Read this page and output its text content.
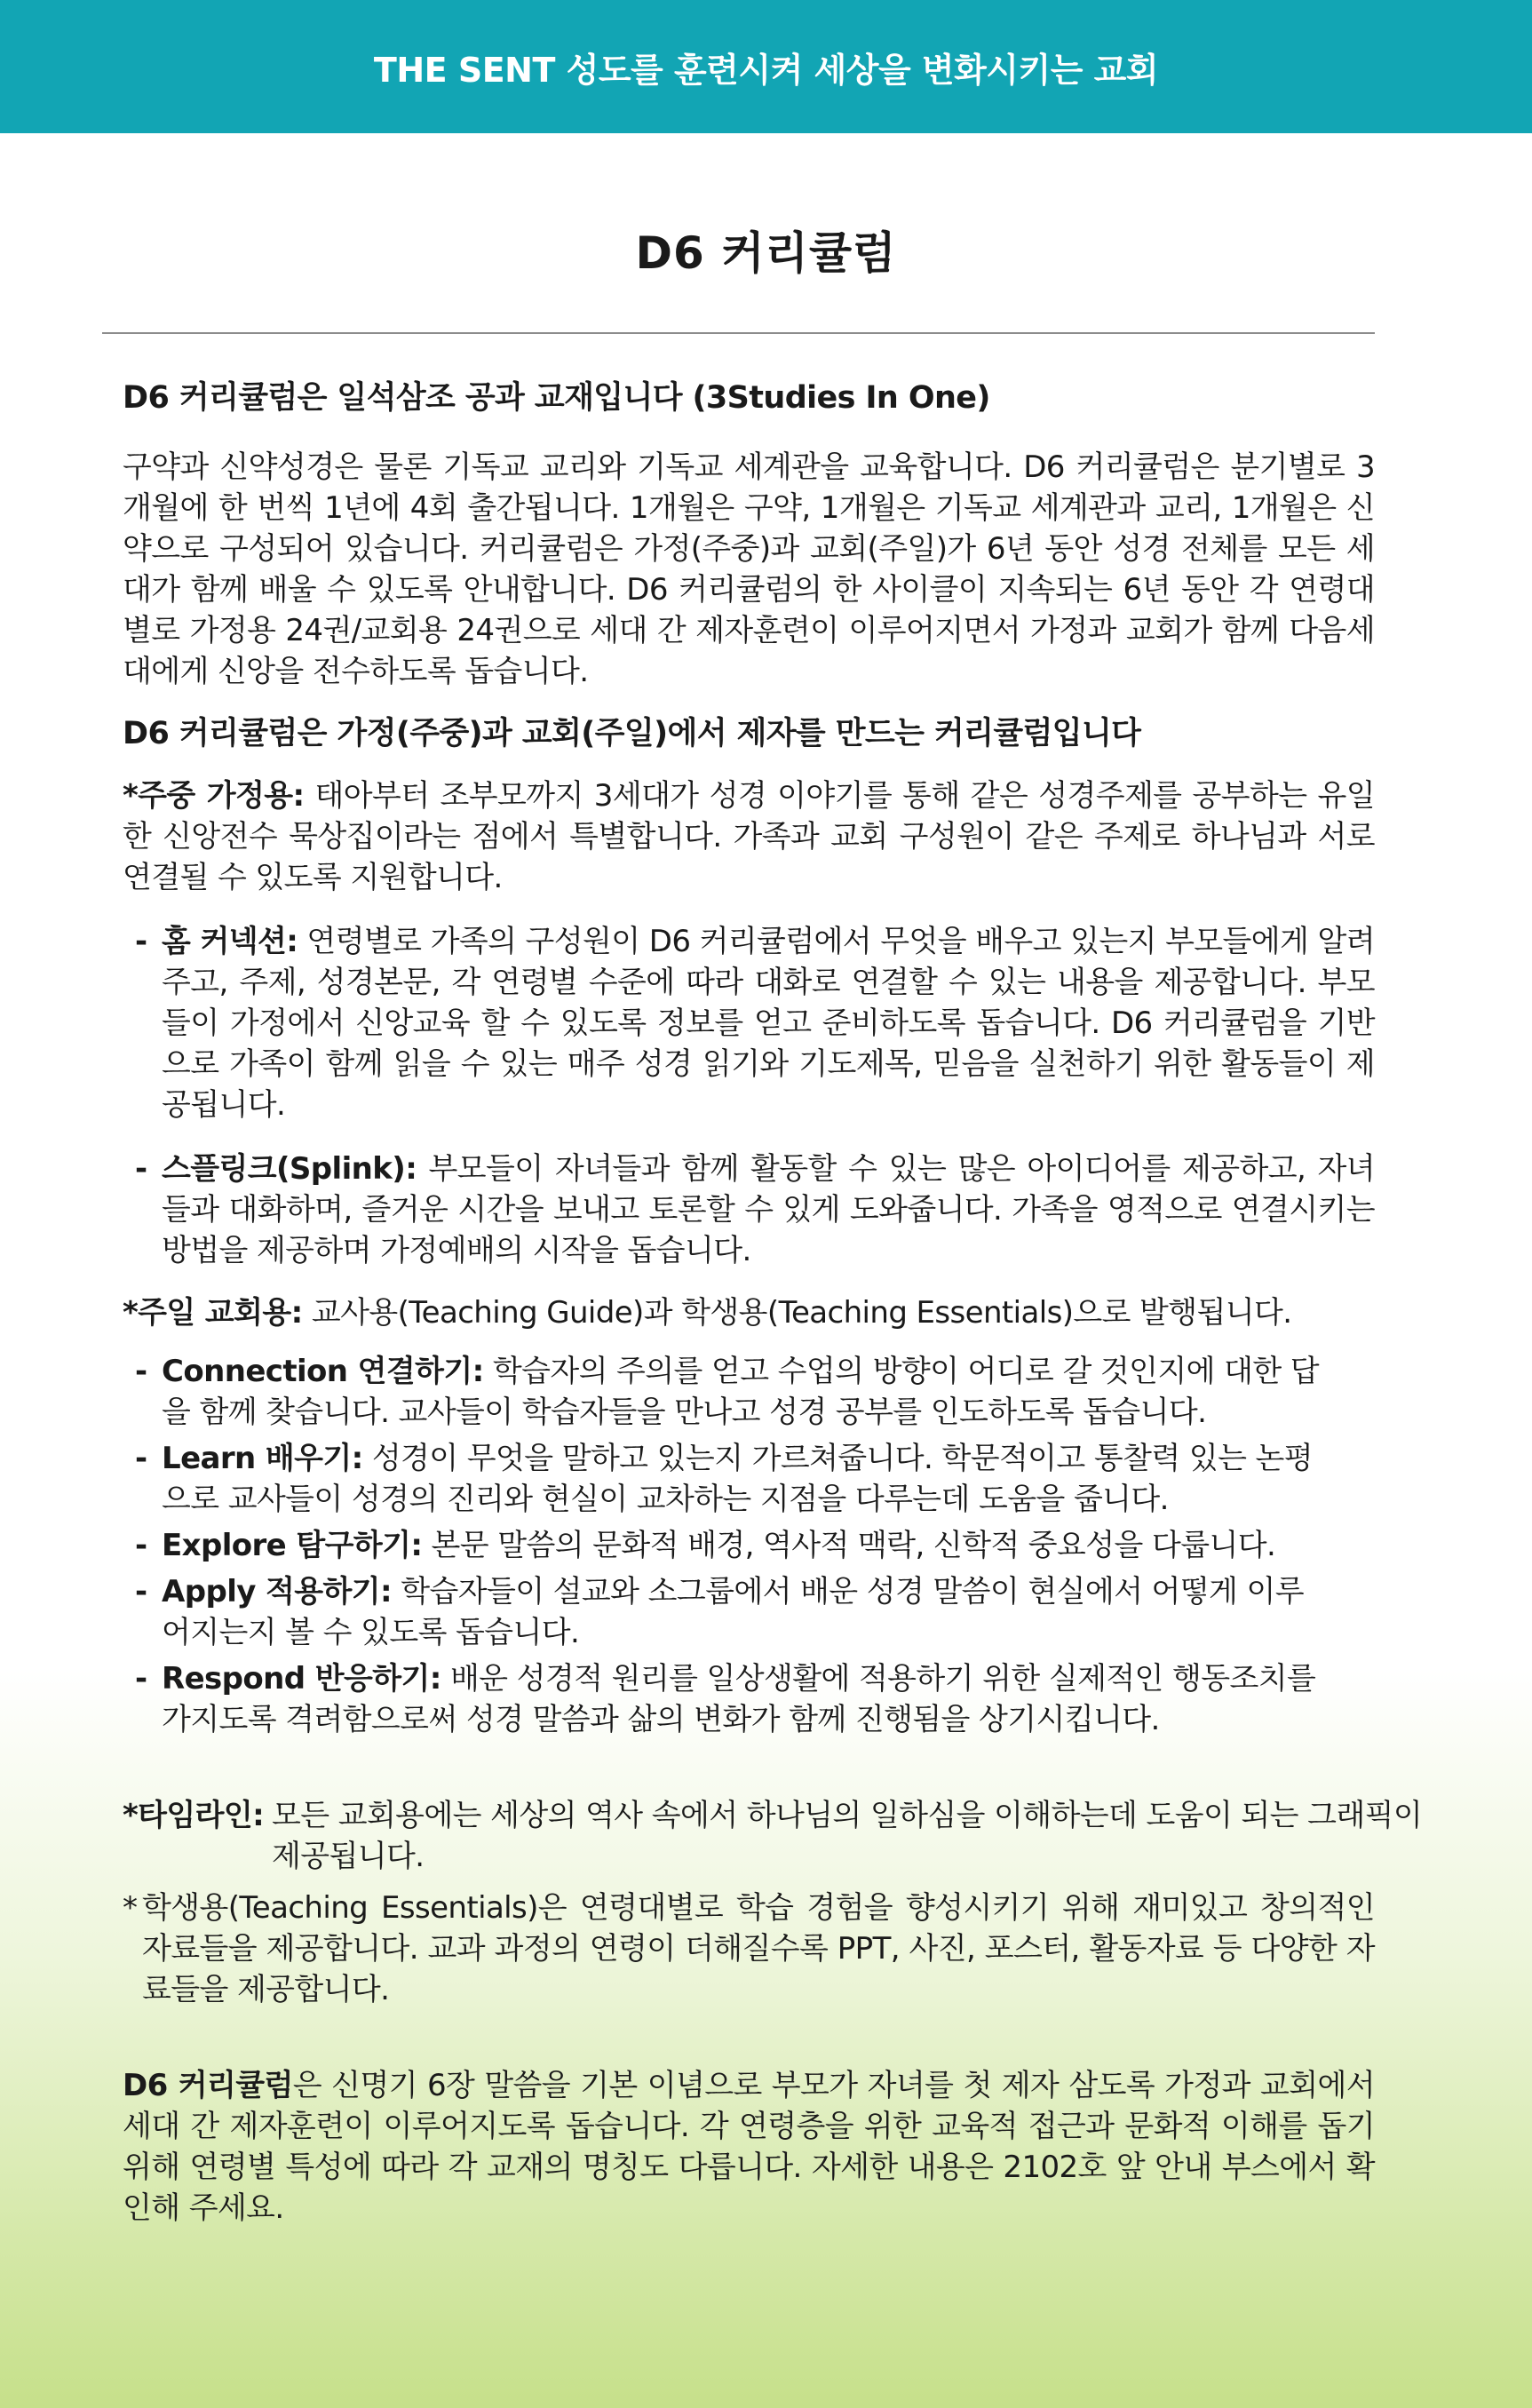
THE SENT 성도를 훈련시켜 세상을 변화시키는 교회
D6 커리큘럼

D6 커리큘럼은 일석삼조 공과 교재입니다 (3Studies In One)

구약과 신약성경은 물론 기독교 교리와 기독교 세계관을 교육합니다. D6 커리큘럼은 분기별로 3개월에 한 번씩 1년에 4회 출간됩니다. 1개월은 구약, 1개월은 기독교 세계관과 교리, 1개월은 신약으로 구성되어 있습니다. 커리큘럼은 가정(주중)과 교회(주일)가 6년 동안 성경 전체를 모든 세대가 함께 배울 수 있도록 안내합니다. D6 커리큘럼의 한 사이클이 지속되는 6년 동안 각 연령대별로 가정용 24권/교회용 24권으로 세대 간 제자훈련이 이루어지면서 가정과 교회가 함께 다음세대에게 신앙을 전수하도록 돕습니다.

D6 커리큘럼은 가정(주중)과 교회(주일)에서 제자를 만드는 커리큘럼입니다

*주중 가정용: 태아부터 조부모까지 3세대가 성경 이야기를 통해 같은 성경주제를 공부하는 유일한 신앙전수 묵상집이라는 점에서 특별합니다. 가족과 교회 구성원이 같은 주제로 하나님과 서로 연결될 수 있도록 지원합니다.

- 홈 커넥션: 연령별로 가족의 구성원이 D6 커리큘럼에서 무엇을 배우고 있는지 부모들에게 알려주고, 주제, 성경본문, 각 연령별 수준에 따라 대화로 연결할 수 있는 내용을 제공합니다. 부모들이 가정에서 신앙교육 할 수 있도록 정보를 얻고 준비하도록 돕습니다. D6 커리큘럼을 기반으로 가족이 함께 읽을 수 있는 매주 성경 읽기와 기도제목, 믿음을 실천하기 위한 활동들이 제공됩니다.
- 스플링크(Splink): 부모들이 자녀들과 함께 활동할 수 있는 많은 아이디어를 제공하고, 자녀들과 대화하며, 즐거운 시간을 보내고 토론할 수 있게 도와줍니다. 가족을 영적으로 연결시키는 방법을 제공하며 가정예배의 시작을 돕습니다.

*주일 교회용: 교사용(Teaching Guide)과 학생용(Teaching Essentials)으로 발행됩니다.

- Connection 연결하기: 학습자의 주의를 얻고 수업의 방향이 어디로 갈 것인지에 대한 답을 함께 찾습니다. 교사들이 학습자들을 만나고 성경 공부를 인도하도록 돕습니다.
- Learn 배우기: 성경이 무엇을 말하고 있는지 가르쳐줍니다. 학문적이고 통찰력 있는 논평으로 교사들이 성경의 진리와 현실이 교차하는 지점을 다루는데 도움을 줍니다.
- Explore 탐구하기: 본문 말씀의 문화적 배경, 역사적 맥락, 신학적 중요성을 다룹니다.
- Apply 적용하기: 학습자들이 설교와 소그룹에서 배운 성경 말씀이 현실에서 어떻게 이루어지는지 볼 수 있도록 돕습니다.
- Respond 반응하기: 배운 성경적 원리를 일상생활에 적용하기 위한 실제적인 행동조치를 가지도록 격려함으로써 성경 말씀과 삶의 변화가 함께 진행됨을 상기시킵니다.
*타임라인: 모든 교회용에는 세상의 역사 속에서 하나님의 일하심을 이해하는데 도움이 되는 그래픽이 제공됩니다.
* 학생용(Teaching Essentials)은 연령대별로 학습 경험을 향성시키기 위해 재미있고 창의적인 자료들을 제공합니다. 교과 과정의 연령이 더해질수록 PPT, 사진, 포스터, 활동자료 등 다양한 자료들을 제공합니다.

D6 커리큘럼은 신명기 6장 말씀을 기본 이념으로 부모가 자녀를 첫 제자 삼도록 가정과 교회에서 세대 간 제자훈련이 이루어지도록 돕습니다. 각 연령층을 위한 교육적 접근과 문화적 이해를 돕기 위해 연령별 특성에 따라 각 교재의 명칭도 다릅니다. 자세한 내용은 2102호 앞 안내 부스에서 확인해 주세요.
